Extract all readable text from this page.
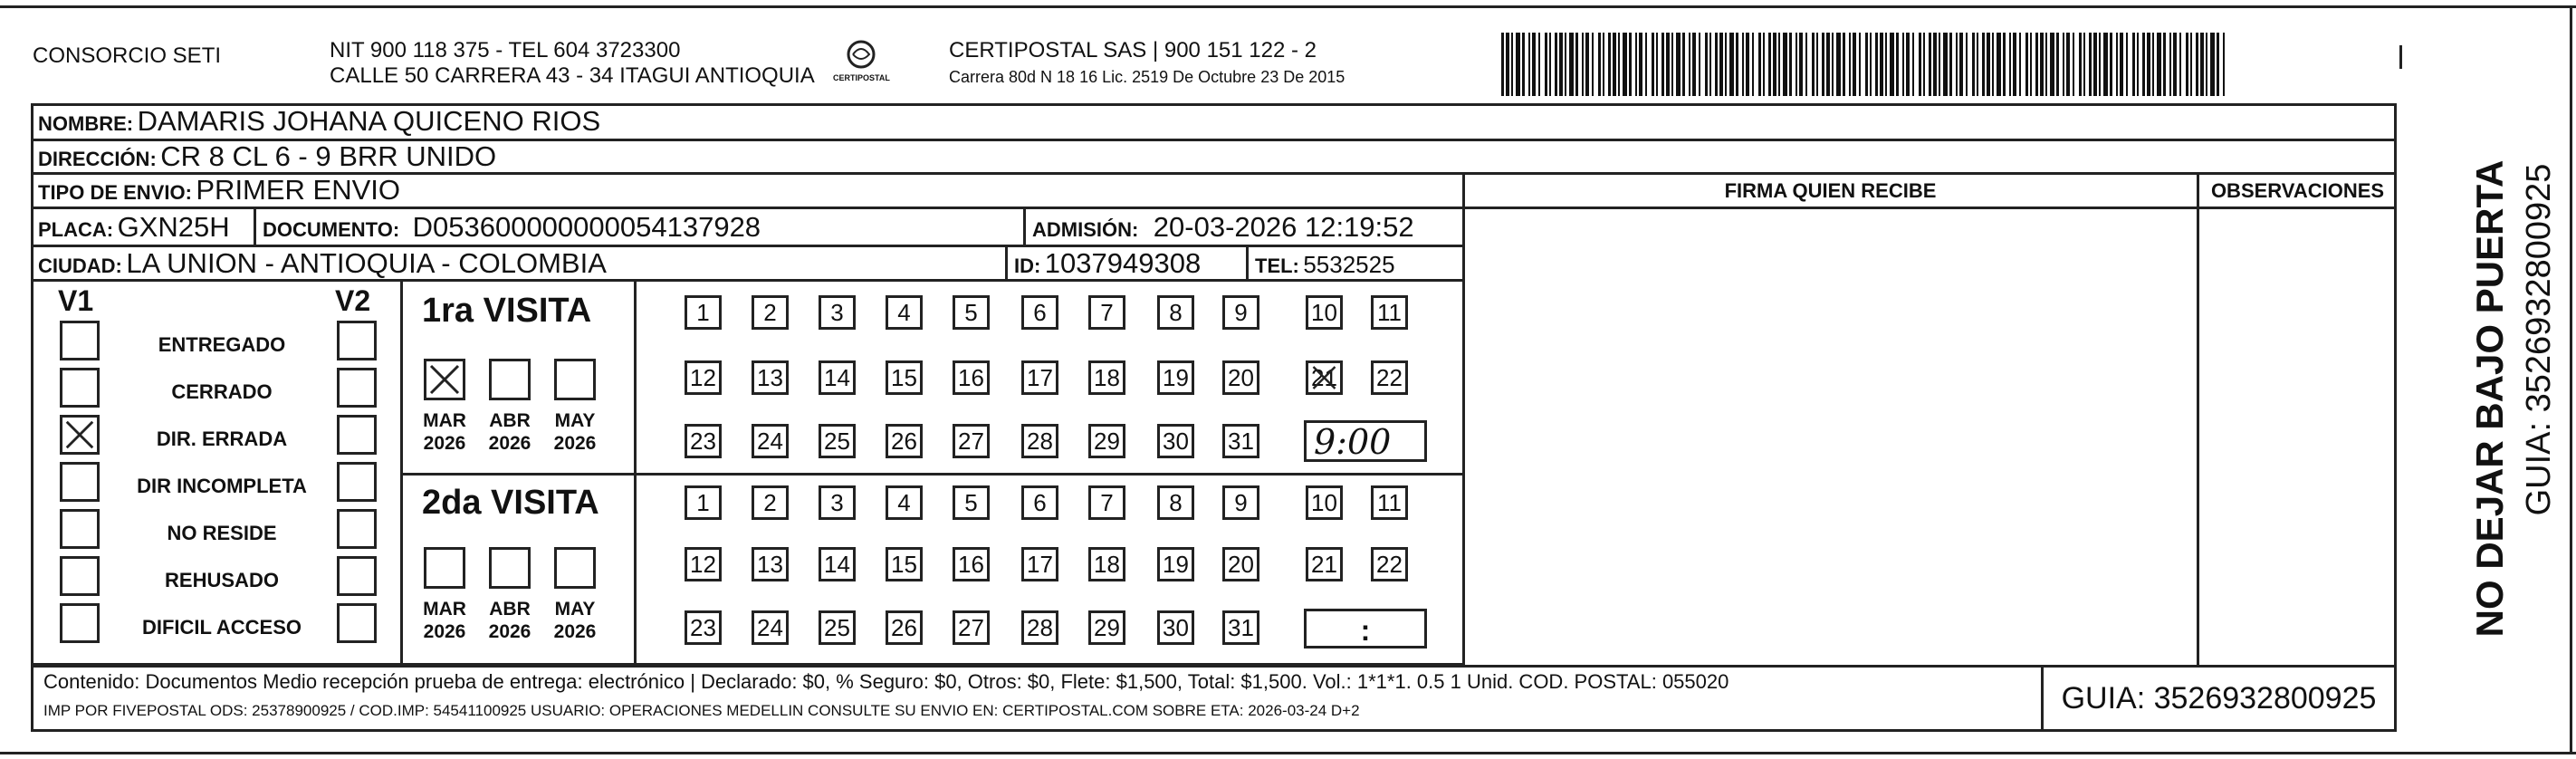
CONSORCIO SETI	NIT 900 118 375 - TEL 604 3723300
CALLE 50 CARRERA 43 - 34 ITAGUI ANTIOQUIA CERTIPOSTAL
CERTIPOSTAL SAS | 900 151 122 - 2
Carrera 80d N 18 16 Lic. 2519 De Octubre 23 De 2015
FIRMA QUIEN RECIBE	OBSERVACIONES
NOMBRE: DAMARIS JOHANA QUICENO RIOS
DIRECCIÓN: CR 8 CL 6 - 9 BRR UNIDO
TIPO DE ENVIO: PRIMER ENVIO
PLACA: GXN25H DOCUMENTO: D053600000000054137928	ADMISIÓN: 20-03-2026 12:19:52
CIUDAD: LA UNION - ANTIOQUIA - COLOMBIA	ID: 1037949308	TEL: 5532525
V1	V2
ENTREGADO
CERRADO
DIR. ERRADA
DIR INCOMPLETA
NO RESIDE
REHUSADO
DIFICIL ACCESO
1ra VISITA
MAR
2026
ABR
2026
MAY
2026
1	2	3	4	5	6	7	8	9	10 11
12 13 14 15 16 17 18 19 20 21 22
23 24 25 26 27 28 29 30 31 9:00
2da VISITA
MAR
2026
ABR
2026
MAY
2026
1	2	3	4	5	6	7	8	9	10 11
12 13 14 15 16 17 18 19 20 21 22
23 24 25 26 27 28 29 30 31	:
Contenido: Documentos Medio recepción prueba de entrega: electrónico | Declarado: $0, % Seguro: $0, Otros: $0, Flete: $1,500, Total: $1,500. Vol.: 1*1*1. 0.5 1 Unid. COD. POSTAL: 055020
IMP POR FIVEPOSTAL ODS: 25378900925 / COD.IMP: 54541100925 USUARIO: OPERACIONES MEDELLIN CONSULTE SU ENVIO EN: CERTIPOSTAL.COM SOBRE ETA: 2026-03-24 D+2	GUIA: 3526932800925
NO DEJAR BAJO PUERTA GUIA: 3526932800925
